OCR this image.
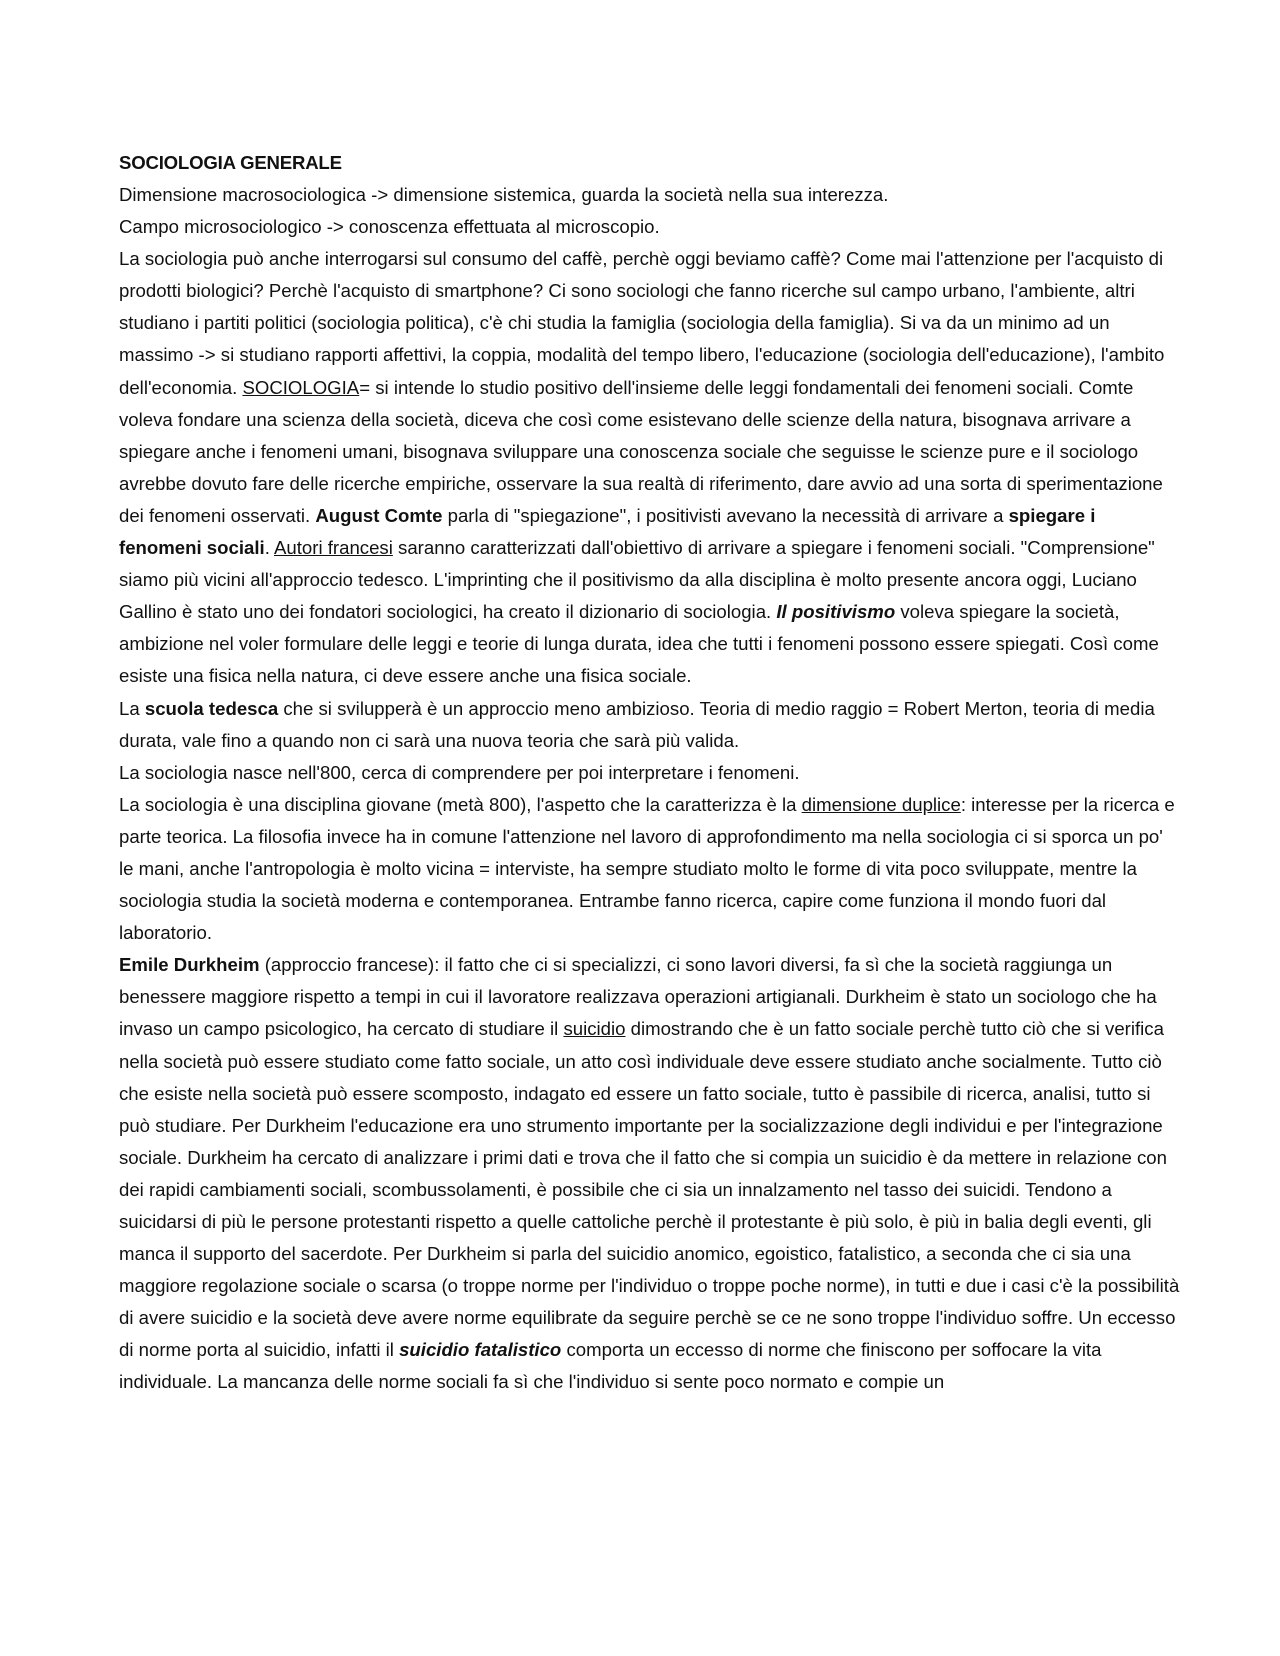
SOCIOLOGIA GENERALE

Dimensione macrosociologica -> dimensione sistemica, guarda la società nella sua interezza.

Campo microsociologico -> conoscenza effettuata al microscopio.

La sociologia può anche interrogarsi sul consumo del caffè, perchè oggi beviamo caffè? Come mai l'attenzione per l'acquisto di prodotti biologici? Perchè l'acquisto di smartphone? Ci sono sociologi che fanno ricerche sul campo urbano, l'ambiente, altri studiano i partiti politici (sociologia politica), c'è chi studia la famiglia (sociologia della famiglia). Si va da un minimo ad un massimo -> si studiano rapporti affettivi, la coppia, modalità del tempo libero, l'educazione (sociologia dell'educazione), l'ambito dell'economia. SOCIOLOGIA= si intende lo studio positivo dell'insieme delle leggi fondamentali dei fenomeni sociali. Comte voleva fondare una scienza della società, diceva che così come esistevano delle scienze della natura, bisognava arrivare a spiegare anche i fenomeni umani, bisognava sviluppare una conoscenza sociale che seguisse le scienze pure e il sociologo avrebbe dovuto fare delle ricerche empiriche, osservare la sua realtà di riferimento, dare avvio ad una sorta di sperimentazione dei fenomeni osservati. August Comte parla di "spiegazione", i positivisti avevano la necessità di arrivare a spiegare i fenomeni sociali. Autori francesi saranno caratterizzati dall'obiettivo di arrivare a spiegare i fenomeni sociali. "Comprensione" siamo più vicini all'approccio tedesco. L'imprinting che il positivismo da alla disciplina è molto presente ancora oggi, Luciano Gallino è stato uno dei fondatori sociologici, ha creato il dizionario di sociologia. Il positivismo voleva spiegare la società, ambizione nel voler formulare delle leggi e teorie di lunga durata, idea che tutti i fenomeni possono essere spiegati. Così come esiste una fisica nella natura, ci deve essere anche una fisica sociale.

La scuola tedesca che si svilupperà è un approccio meno ambizioso. Teoria di medio raggio = Robert Merton, teoria di media durata, vale fino a quando non ci sarà una nuova teoria che sarà più valida.

La sociologia nasce nell'800, cerca di comprendere per poi interpretare i fenomeni.

La sociologia è una disciplina giovane (metà 800), l'aspetto che la caratterizza è la dimensione duplice: interesse per la ricerca e parte teorica. La filosofia invece ha in comune l'attenzione nel lavoro di approfondimento ma nella sociologia ci si sporca un po' le mani, anche l'antropologia è molto vicina = interviste, ha sempre studiato molto le forme di vita poco sviluppate, mentre la sociologia studia la società moderna e contemporanea. Entrambe fanno ricerca, capire come funziona il mondo fuori dal laboratorio.

Emile Durkheim (approccio francese): il fatto che ci si specializzi, ci sono lavori diversi, fa sì che la società raggiunga un benessere maggiore rispetto a tempi in cui il lavoratore realizzava operazioni artigianali. Durkheim è stato un sociologo che ha invaso un campo psicologico, ha cercato di studiare il suicidio dimostrando che è un fatto sociale perchè tutto ciò che si verifica nella società può essere studiato come fatto sociale, un atto così individuale deve essere studiato anche socialmente. Tutto ciò che esiste nella società può essere scomposto, indagato ed essere un fatto sociale, tutto è passibile di ricerca, analisi, tutto si può studiare. Per Durkheim l'educazione era uno strumento importante per la socializzazione degli individui e per l'integrazione sociale. Durkheim ha cercato di analizzare i primi dati e trova che il fatto che si compia un suicidio è da mettere in relazione con dei rapidi cambiamenti sociali, scombussolamenti, è possibile che ci sia un innalzamento nel tasso dei suicidi. Tendono a suicidarsi di più le persone protestanti rispetto a quelle cattoliche perchè il protestante è più solo, è più in balia degli eventi, gli manca il supporto del sacerdote. Per Durkheim si parla del suicidio anomico, egoistico, fatalistico, a seconda che ci sia una maggiore regolazione sociale o scarsa (o troppe norme per l'individuo o troppe poche norme), in tutti e due i casi c'è la possibilità di avere suicidio e la società deve avere norme equilibrate da seguire perchè se ce ne sono troppe l'individuo soffre. Un eccesso di norme porta al suicidio, infatti il suicidio fatalistico comporta un eccesso di norme che finiscono per soffocare la vita individuale. La mancanza delle norme sociali fa sì che l'individuo si sente poco normato e compie un
